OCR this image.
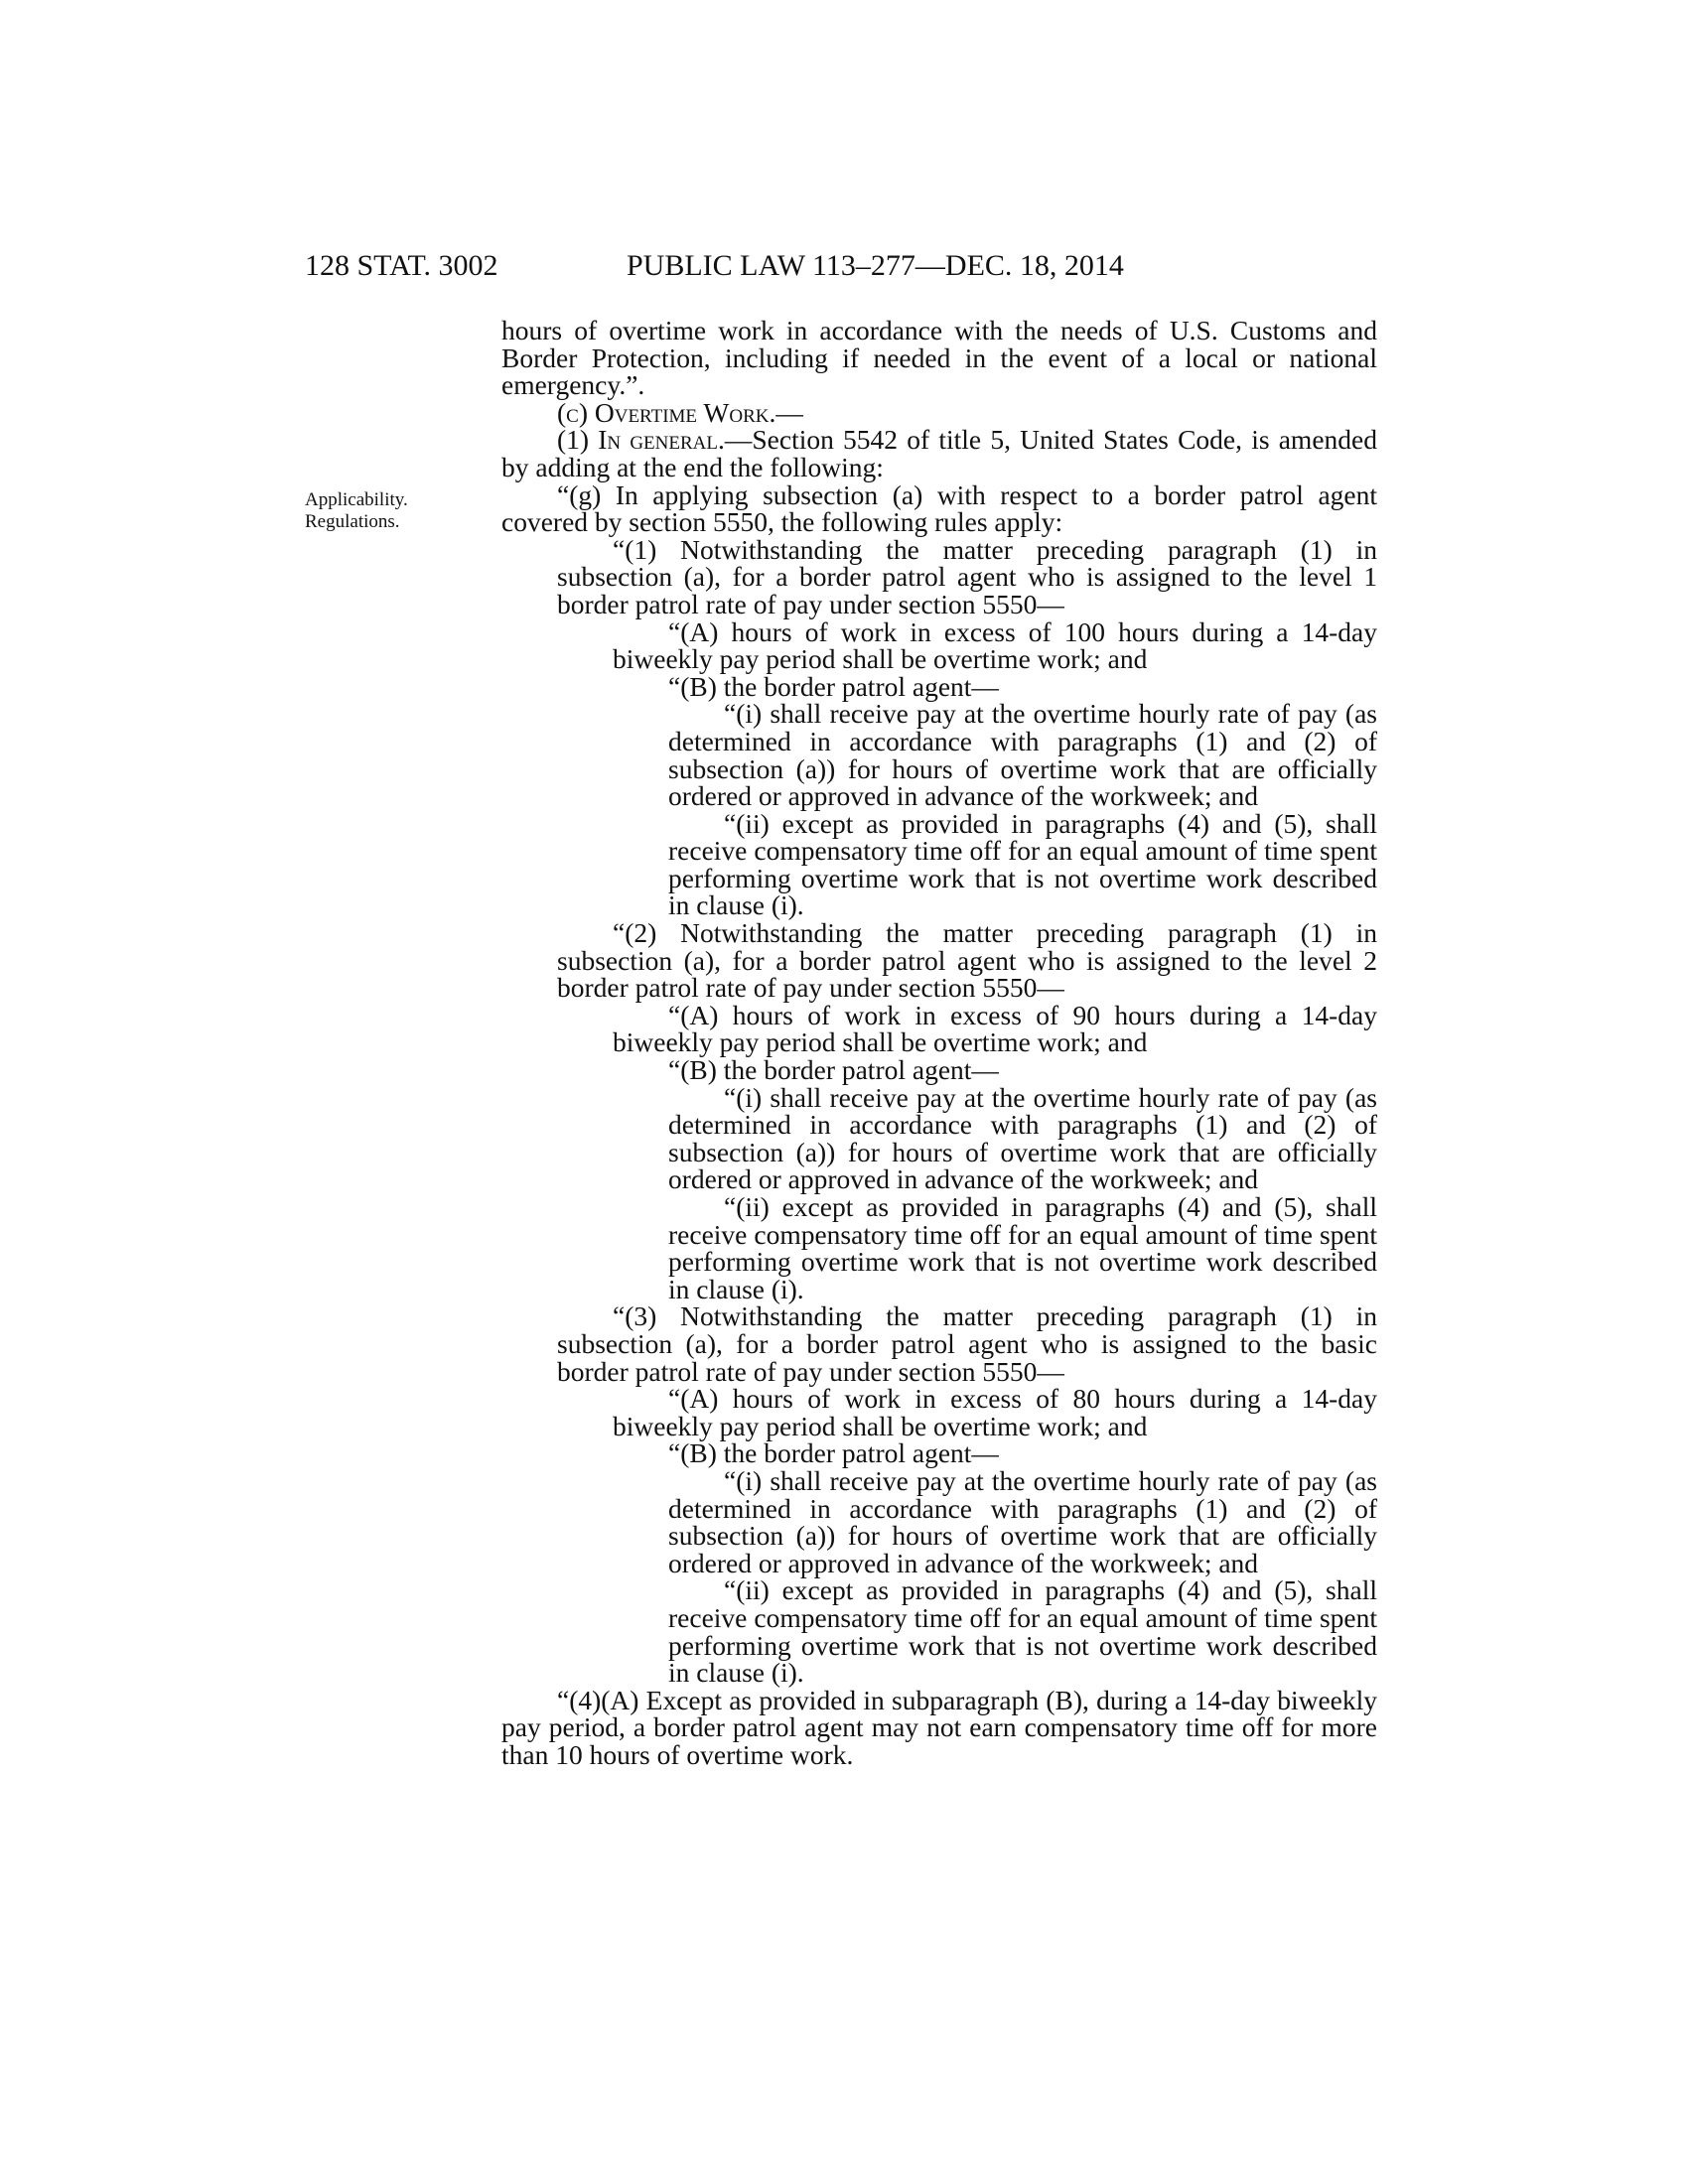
128 STAT. 3002	PUBLIC LAW 113–277—DEC. 18, 2014
Applicability.
Regulations.

hours of overtime work in accordance with the needs of U.S. Customs and Border Protection, including if needed in the event of a local or national emergency.”.

(c) Overtime Work.—

(1) In general.—Section 5542 of title 5, United States Code, is amended by adding at the end the following:

“(g) In applying subsection (a) with respect to a border patrol agent covered by section 5550, the following rules apply:

“(1) Notwithstanding the matter preceding paragraph (1) in subsection (a), for a border patrol agent who is assigned to the level 1 border patrol rate of pay under section 5550—

“(A) hours of work in excess of 100 hours during a 14-day biweekly pay period shall be overtime work; and

“(B) the border patrol agent—

“(i) shall receive pay at the overtime hourly rate of pay (as determined in accordance with paragraphs (1) and (2) of subsection (a)) for hours of overtime work that are officially ordered or approved in advance of the workweek; and

“(ii) except as provided in paragraphs (4) and (5), shall receive compensatory time off for an equal amount of time spent performing overtime work that is not overtime work described in clause (i).

“(2) Notwithstanding the matter preceding paragraph (1) in subsection (a), for a border patrol agent who is assigned to the level 2 border patrol rate of pay under section 5550—

“(A) hours of work in excess of 90 hours during a 14-day biweekly pay period shall be overtime work; and

“(B) the border patrol agent—

“(i) shall receive pay at the overtime hourly rate of pay (as determined in accordance with paragraphs (1) and (2) of subsection (a)) for hours of overtime work that are officially ordered or approved in advance of the workweek; and

“(ii) except as provided in paragraphs (4) and (5), shall receive compensatory time off for an equal amount of time spent performing overtime work that is not overtime work described in clause (i).

“(3) Notwithstanding the matter preceding paragraph (1) in subsection (a), for a border patrol agent who is assigned to the basic border patrol rate of pay under section 5550—

“(A) hours of work in excess of 80 hours during a 14-day biweekly pay period shall be overtime work; and

“(B) the border patrol agent—

“(i) shall receive pay at the overtime hourly rate of pay (as determined in accordance with paragraphs (1) and (2) of subsection (a)) for hours of overtime work that are officially ordered or approved in advance of the workweek; and

“(ii) except as provided in paragraphs (4) and (5), shall receive compensatory time off for an equal amount of time spent performing overtime work that is not overtime work described in clause (i).

“(4)(A) Except as provided in subparagraph (B), during a 14-day biweekly pay period, a border patrol agent may not earn compensatory time off for more than 10 hours of overtime work.
